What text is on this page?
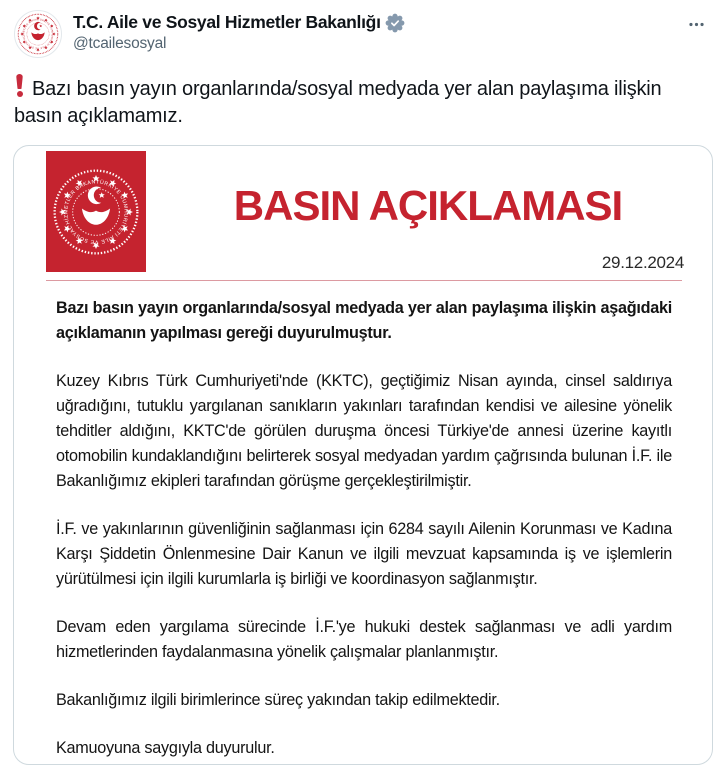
T.C. Aile ve Sosyal Hizmetler Bakanlığı
@tcailesosyal
Bazı basın yayın organlarında/sosyal medyada yer alan paylaşıma ilişkin basın açıklamamız.
BASIN AÇIKLAMASI
29.12.2024

Bazı basın yayın organlarında/sosyal medyada yer alan paylaşıma ilişkin aşağıdaki açıklamanın yapılması gereği duyurulmuştur.

Kuzey Kıbrıs Türk Cumhuriyeti'nde (KKTC), geçtiğimiz Nisan ayında, cinsel saldırıya uğradığını, tutuklu yargılanan sanıkların yakınları tarafından kendisi ve ailesine yönelik tehditler aldığını, KKTC'de görülen duruşma öncesi Türkiye'de annesi üzerine kayıtlı otomobilin kundaklandığını belirterek sosyal medyadan yardım çağrısında bulunan İ.F. ile Bakanlığımız ekipleri tarafından görüşme gerçekleştirilmiştir.

İ.F. ve yakınlarının güvenliğinin sağlanması için 6284 sayılı Ailenin Korunması ve Kadına Karşı Şiddetin Önlenmesine Dair Kanun ve ilgili mevzuat kapsamında iş ve işlemlerin yürütülmesi için ilgili kurumlarla iş birliği ve koordinasyon sağlanmıştır.

Devam eden yargılama sürecinde İ.F.'ye hukuki destek sağlanması ve adli yardım hizmetlerinden faydalanmasına yönelik çalışmalar planlanmıştır.

Bakanlığımız ilgili birimlerince süreç yakından takip edilmektedir.

Kamuoyuna saygıyla duyurulur.
